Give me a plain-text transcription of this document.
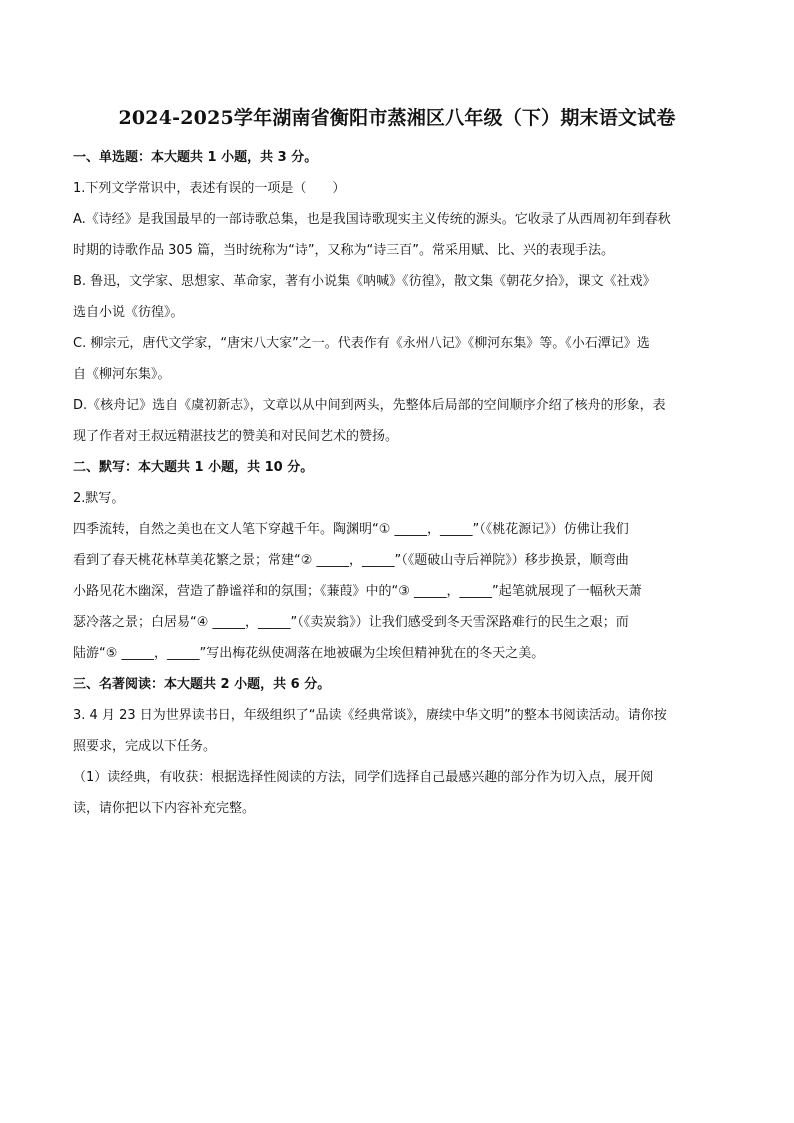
2024-2025学年湖南省衡阳市蒸湘区八年级（下）期末语文试卷
一、单选题：本大题共 1 小题，共 3 分。
1.下列文学常识中，表述有误的一项是（　　）
A.《诗经》是我国最早的一部诗歌总集，也是我国诗歌现实主义传统的源头。它收录了从西周初年到春秋
时期的诗歌作品 305 篇，当时统称为“诗”，又称为“诗三百”。常采用赋、比、兴的表现手法。
B. 鲁迅，文学家、思想家、革命家，著有小说集《呐喊》《彷徨》，散文集《朝花夕拾》，课文《社戏》
选自小说《彷徨》。
C. 柳宗元，唐代文学家，“唐宋八大家”之一。代表作有《永州八记》《柳河东集》等。《小石潭记》选
自《柳河东集》。
D.《核舟记》选自《虞初新志》，文章以从中间到两头，先整体后局部的空间顺序介绍了核舟的形象，表
现了作者对王叔远精湛技艺的赞美和对民间艺术的赞扬。
二、默写：本大题共 1 小题，共 10 分。
2.默写。
四季流转，自然之美也在文人笔下穿越千年。陶渊明“① _____，_____”（《桃花源记》）仿佛让我们
看到了春天桃花林草美花繁之景；常建“② _____，_____”（《题破山寺后禅院》）移步换景，顺弯曲
小路见花木幽深，营造了静谧祥和的氛围；《蒹葭》中的“③ _____，_____”起笔就展现了一幅秋天萧
瑟冷落之景；白居易“④ _____，_____”（《卖炭翁》）让我们感受到冬天雪深路难行的民生之艰；而
陆游“⑤ _____，_____”写出梅花纵使凋落在地被碾为尘埃但精神犹在的冬天之美。
三、名著阅读：本大题共 2 小题，共 6 分。
3. 4 月 23 日为世界读书日，年级组织了“品读《经典常谈》，赓续中华文明”的整本书阅读活动。请你按
照要求，完成以下任务。
（1）读经典，有收获：根据选择性阅读的方法，同学们选择自己最感兴趣的部分作为切入点，展开阅
读，请你把以下内容补充完整。
